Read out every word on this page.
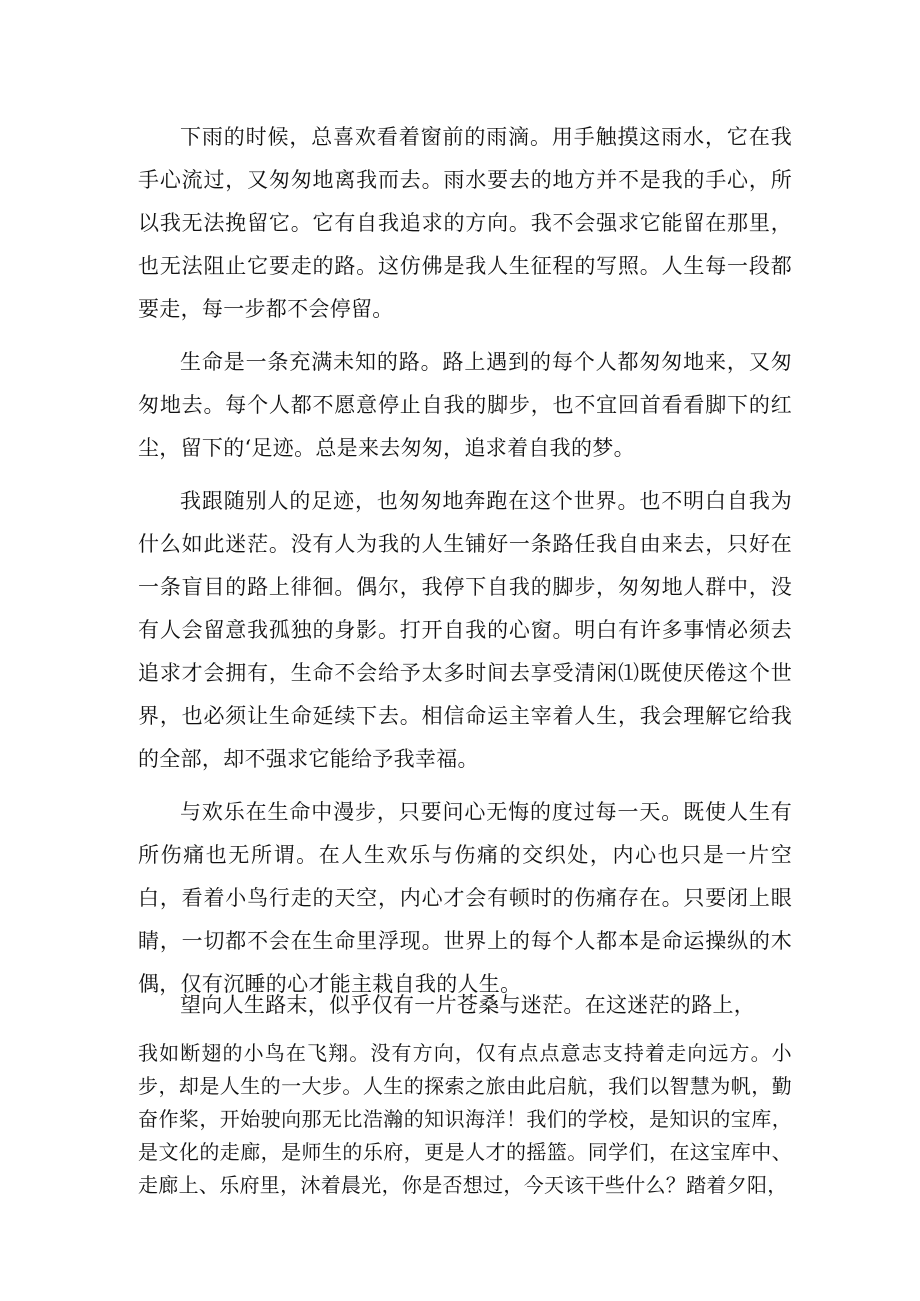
下雨的时候，总喜欢看着窗前的雨滴。用手触摸这雨水，它在我手心流过，又匆匆地离我而去。雨水要去的地方并不是我的手心，所以我无法挽留它。它有自我追求的方向。我不会强求它能留在那里，也无法阻止它要走的路。这仿佛是我人生征程的写照。人生每一段都要走，每一步都不会停留。

生命是一条充满未知的路。路上遇到的每个人都匆匆地来，又匆匆地去。每个人都不愿意停止自我的脚步，也不宜回首看看脚下的红尘，留下的‘足迹。总是来去匆匆，追求着自我的梦。

我跟随别人的足迹，也匆匆地奔跑在这个世界。也不明白自我为什么如此迷茫。没有人为我的人生铺好一条路任我自由来去，只好在一条盲目的路上徘徊。偶尔，我停下自我的脚步，匆匆地人群中，没有人会留意我孤独的身影。打开自我的心窗。明白有许多事情必须去追求才会拥有，生命不会给予太多时间去享受清闲⑴既使厌倦这个世界，也必须让生命延续下去。相信命运主宰着人生，我会理解它给我的全部，却不强求它能给予我幸福。

与欢乐在生命中漫步，只要问心无悔的度过每一天。既使人生有所伤痛也无所谓。在人生欢乐与伤痛的交织处，内心也只是一片空白，看着小鸟行走的天空，内心才会有顿时的伤痛存在。只要闭上眼睛，一切都不会在生命里浮现。世界上的每个人都本是命运操纵的木偶，仅有沉睡的心才能主栽自我的人生。

望向人生路末，似乎仅有一片苍桑与迷茫。在这迷茫的路上，

我如断翅的小鸟在飞翔。没有方向，仅有点点意志支持着走向远方。小步，却是人生的一大步。人生的探索之旅由此启航，我们以智慧为帆，勤奋作桨，开始驶向那无比浩瀚的知识海洋！我们的学校，是知识的宝库，是文化的走廊，是师生的乐府，更是人才的摇篮。同学们，在这宝库中、走廊上、乐府里，沐着晨光，你是否想过，今天该干些什么？踏着夕阳，
